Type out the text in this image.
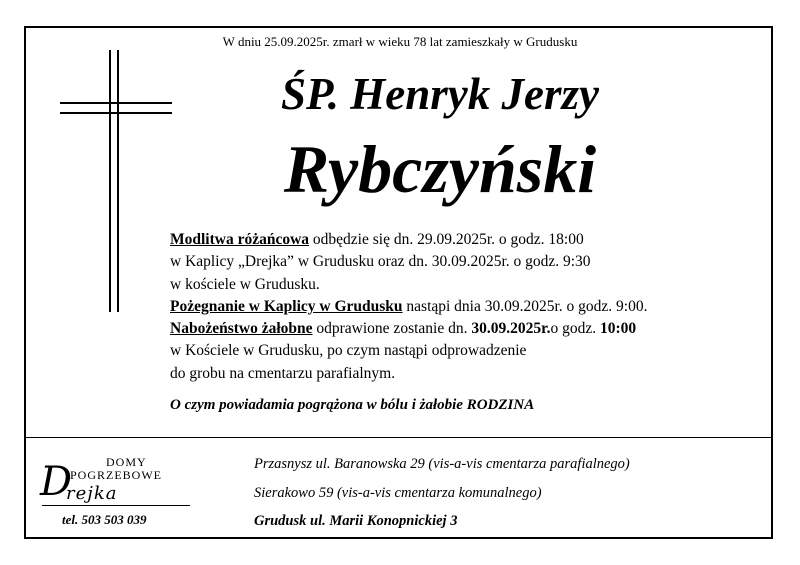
W dniu 25.09.2025r. zmarł w wieku 78 lat zamieszkały w Grudusku
ŚP. Henryk Jerzy
Rybczyński
Modlitwa różańcowa odbędzie się dn. 29.09.2025r. o godz. 18:00
w Kaplicy „Drejka” w Grudusku oraz dn. 30.09.2025r. o godz. 9:30
w kościele w Grudusku.
Pożegnanie w Kaplicy w Grudusku nastąpi dnia 30.09.2025r. o godz. 9:00.
Nabożeństwo żałobne odprawione zostanie dn. 30.09.2025r.o godz. 10:00
w Kościele w Grudusku, po czym nastąpi odprowadzenie
do grobu na cmentarzu parafialnym.
O czym powiadamia pogrążona w bólu i żałobie RODZINA
DOMY
POGRZEBOWE
D
rejka
tel. 503 503 039
Przasnysz ul. Baranowska 29 (vis-a-vis cmentarza parafialnego)
Sierakowo 59 (vis-a-vis cmentarza komunalnego)
Grudusk ul. Marii Konopnickiej 3
